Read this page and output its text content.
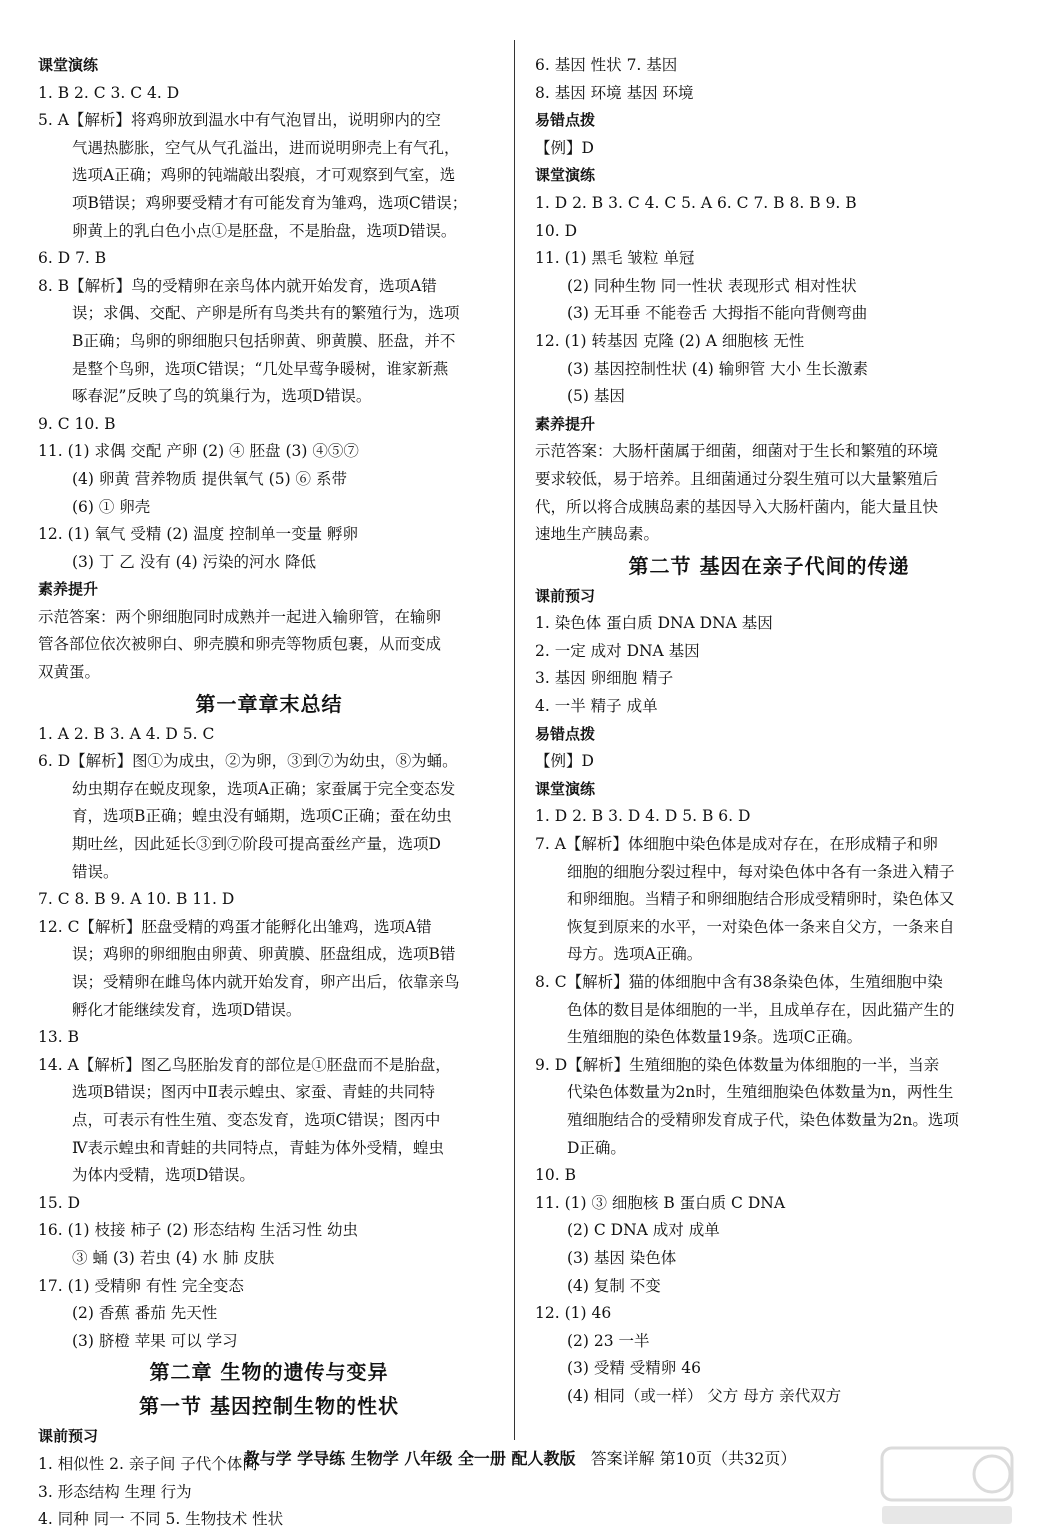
课堂演练
1. B 2. C 3. C 4. D
5. A【解析】将鸡卵放到温水中有气泡冒出，说明卵内的空
气遇热膨胀，空气从气孔溢出，进而说明卵壳上有气孔，
选项A正确；鸡卵的钝端敲出裂痕，才可观察到气室，选
项B错误；鸡卵要受精才有可能发育为雏鸡，选项C错误；
卵黄上的乳白色小点①是胚盘，不是胎盘，选项D错误。
6. D 7. B
8. B【解析】鸟的受精卵在亲鸟体内就开始发育，选项A错
误；求偶、交配、产卵是所有鸟类共有的繁殖行为，选项
B正确；鸟卵的卵细胞只包括卵黄、卵黄膜、胚盘，并不
是整个鸟卵，选项C错误；“几处早莺争暖树，谁家新燕
啄春泥”反映了鸟的筑巢行为，选项D错误。
9. C 10. B
11. (1) 求偶 交配 产卵 (2) ④ 胚盘 (3) ④⑤⑦
(4) 卵黄 营养物质 提供氧气 (5) ⑥ 系带
(6) ① 卵壳
12. (1) 氧气 受精 (2) 温度 控制单一变量 孵卵
(3) 丁 乙 没有 (4) 污染的河水 降低
素养提升
示范答案：两个卵细胞同时成熟并一起进入输卵管，在输卵
管各部位依次被卵白、卵壳膜和卵壳等物质包裹，从而变成
双黄蛋。
第一章章末总结
1. A 2. B 3. A 4. D 5. C
6. D【解析】图①为成虫，②为卵，③到⑦为幼虫，⑧为蛹。
幼虫期存在蜕皮现象，选项A正确；家蚕属于完全变态发
育，选项B正确；蝗虫没有蛹期，选项C正确；蚕在幼虫
期吐丝，因此延长③到⑦阶段可提高蚕丝产量，选项D
错误。
7. C 8. B 9. A 10. B 11. D
12. C【解析】胚盘受精的鸡蛋才能孵化出雏鸡，选项A错
误；鸡卵的卵细胞由卵黄、卵黄膜、胚盘组成，选项B错
误；受精卵在雌鸟体内就开始发育，卵产出后，依靠亲鸟
孵化才能继续发育，选项D错误。
13. B
14. A【解析】图乙鸟胚胎发育的部位是①胚盘而不是胎盘，
选项B错误；图丙中Ⅱ表示蝗虫、家蚕、青蛙的共同特
点，可表示有性生殖、变态发育，选项C错误；图丙中
Ⅳ表示蝗虫和青蛙的共同特点，青蛙为体外受精，蝗虫
为体内受精，选项D错误。
15. D
16. (1) 枝接 柿子 (2) 形态结构 生活习性 幼虫
③ 蛹 (3) 若虫 (4) 水 肺 皮肤
17. (1) 受精卵 有性 完全变态
(2) 香蕉 番茄 先天性
(3) 脐橙 苹果 可以 学习
第二章 生物的遗传与变异
第一节 基因控制生物的性状
课前预习
1. 相似性 2. 亲子间 子代个体间
3. 形态结构 生理 行为
4. 同种 同一 不同 5. 生物技术 性状
6. 基因 性状 7. 基因
8. 基因 环境 基因 环境
易错点拨
【例】D
课堂演练
1. D 2. B 3. C 4. C 5. A 6. C 7. B 8. B 9. B
10. D
11. (1) 黑毛 皱粒 单冠
(2) 同种生物 同一性状 表现形式 相对性状
(3) 无耳垂 不能卷舌 大拇指不能向背侧弯曲
12. (1) 转基因 克隆 (2) A 细胞核 无性
(3) 基因控制性状 (4) 输卵管 大小 生长激素
(5) 基因
素养提升
示范答案：大肠杆菌属于细菌，细菌对于生长和繁殖的环境
要求较低，易于培养。且细菌通过分裂生殖可以大量繁殖后
代，所以将合成胰岛素的基因导入大肠杆菌内，能大量且快
速地生产胰岛素。
第二节 基因在亲子代间的传递
课前预习
1. 染色体 蛋白质 DNA DNA 基因
2. 一定 成对 DNA 基因
3. 基因 卵细胞 精子
4. 一半 精子 成单
易错点拨
【例】D
课堂演练
1. D 2. B 3. D 4. D 5. B 6. D
7. A【解析】体细胞中染色体是成对存在，在形成精子和卵
细胞的细胞分裂过程中，每对染色体中各有一条进入精子
和卵细胞。当精子和卵细胞结合形成受精卵时，染色体又
恢复到原来的水平，一对染色体一条来自父方，一条来自
母方。选项A正确。
8. C【解析】猫的体细胞中含有38条染色体，生殖细胞中染
色体的数目是体细胞的一半，且成单存在，因此猫产生的
生殖细胞的染色体数量19条。选项C正确。
9. D【解析】生殖细胞的染色体数量为体细胞的一半，当亲
代染色体数量为2n时，生殖细胞染色体数量为n，两性生
殖细胞结合的受精卵发育成子代，染色体数量为2n。选项
D正确。
10. B
11. (1) ③ 细胞核 B 蛋白质 C DNA
(2) C DNA 成对 成单
(3) 基因 染色体
(4) 复制 不变
12. (1) 46
(2) 23 一半
(3) 受精 受精卵 46
(4) 相同（或一样） 父方 母方 亲代双方
教与学 学导练 生物学 八年级 全一册 配人教版 答案详解 第10页（共32页）
